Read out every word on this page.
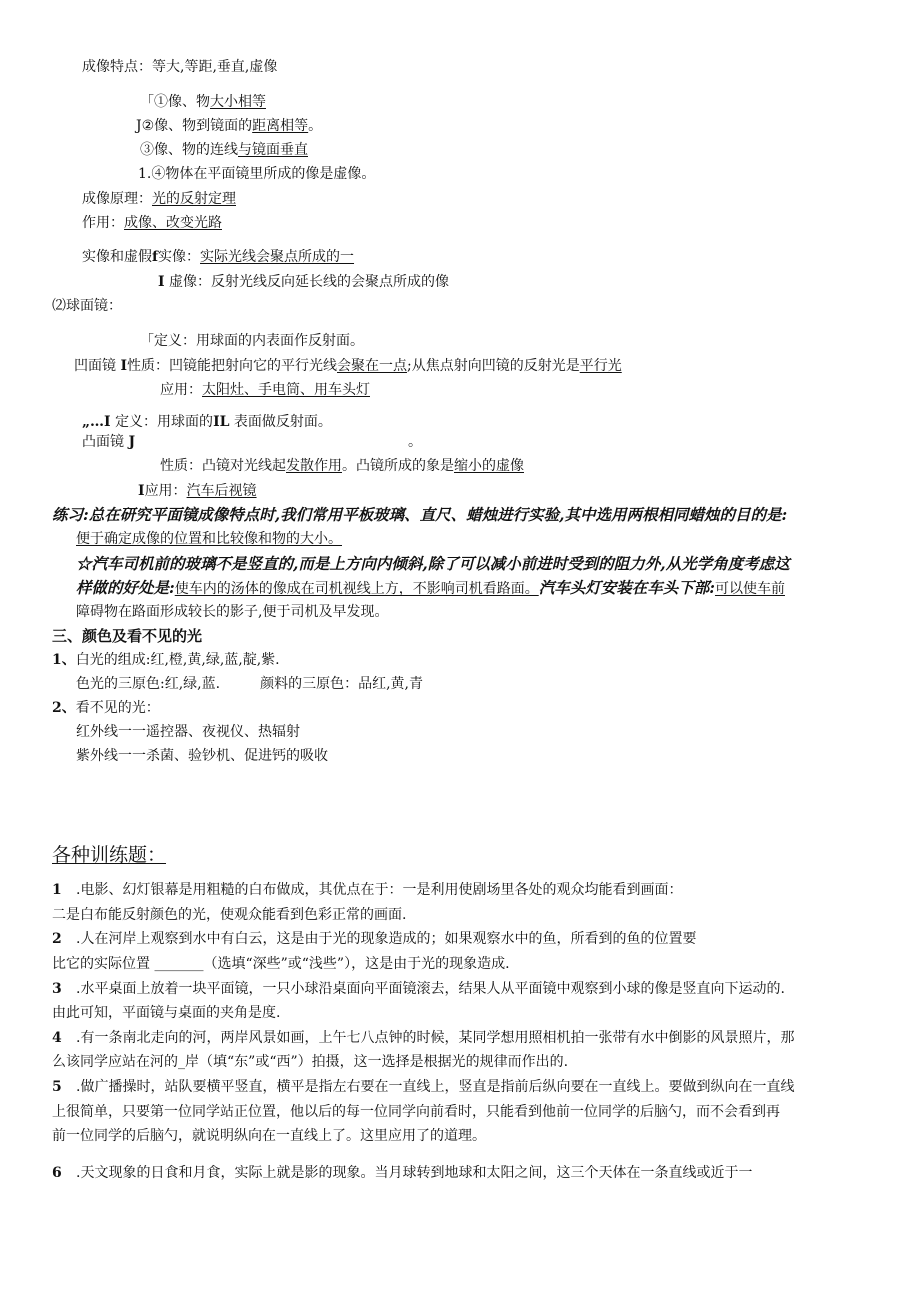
成像特点：等大,等距,垂直,虚像
「①像、物大小相等
J②像、物到镜面的距离相等。
③像、物的连线与镜面垂直
1.④物体在平面镜里所成的像是虚像。
成像原理：光的反射定理
作用：成像、改变光路
实像和虚假f实像：实际光线会聚点所成的一
I 虚像：反射光线反向延长线的会聚点所成的像
⑵球面镜：
「定义：用球面的内表面作反射面。
凹面镜 I性质：凹镜能把射向它的平行光线会聚在一点;从焦点射向凹镜的反射光是平行光
应用：太阳灶、手电筒、用车头灯
„…I 定义：用球面的IL 表面做反射面。
凸面镜 J	。
性质：凸镜对光线起发散作用。凸镜所成的象是缩小的虚像
I应用：汽车后视镜
练习:总在研究平面镜成像特点时,我们常用平板玻璃、直尺、蜡烛进行实验,其中选用两根相同蜡烛的目的是:
便于确定成像的位置和比较像和物的大小。
☆汽车司机前的玻璃不是竖直的,而是上方向内倾斜,除了可以减小前进时受到的阻力外,从光学角度考虑这
样做的好处是:使车内的汤体的像成在司机视线上方，不影响司机看路面。汽车头灯安装在车头下部:可以使车前
障碍物在路面形成较长的影子,便于司机及早发现。
三、颜色及看不见的光
1、白光的组成:红,橙,黄,绿,蓝,靛,紫.
色光的三原色:红,绿,蓝.	颜料的三原色：品红,黄,青
2、看不见的光：
红外线一一遥控器、夜视仪、热辐射
紫外线一一杀菌、验钞机、促进钙的吸收
各种训练题：
1 .电影、幻灯银幕是用粗糙的白布做成，其优点在于：一是利用使剧场里各处的观众均能看到画面：
二是白布能反射颜色的光，使观众能看到色彩正常的画面.
2 .人在河岸上观察到水中有白云，这是由于光的现象造成的；如果观察水中的鱼，所看到的鱼的位置要
比它的实际位置 _______（选填“深些”或“浅些”），这是由于光的现象造成.
3 .水平桌面上放着一块平面镜，一只小球沿桌面向平面镜滚去，结果人从平面镜中观察到小球的像是竖直向下运动的.
由此可知，平面镜与桌面的夹角是度.
4 .有一条南北走向的河，两岸风景如画，上午七八点钟的时候，某同学想用照相机拍一张带有水中倒影的风景照片，那
么该同学应站在河的_岸（填“东”或“西”）拍摄，这一选择是根据光的规律而作出的.
5 .做广播操时，站队要横平竖直，横平是指左右要在一直线上，竖直是指前后纵向要在一直线上。要做到纵向在一直线
上很简单，只要第一位同学站正位置，他以后的每一位同学向前看时，只能看到他前一位同学的后脑勺，而不会看到再
前一位同学的后脑勺，就说明纵向在一直线上了。这里应用了的道理。
6 .天文现象的日食和月食，实际上就是影的现象。当月球转到地球和太阳之间，这三个天体在一条直线或近于一
